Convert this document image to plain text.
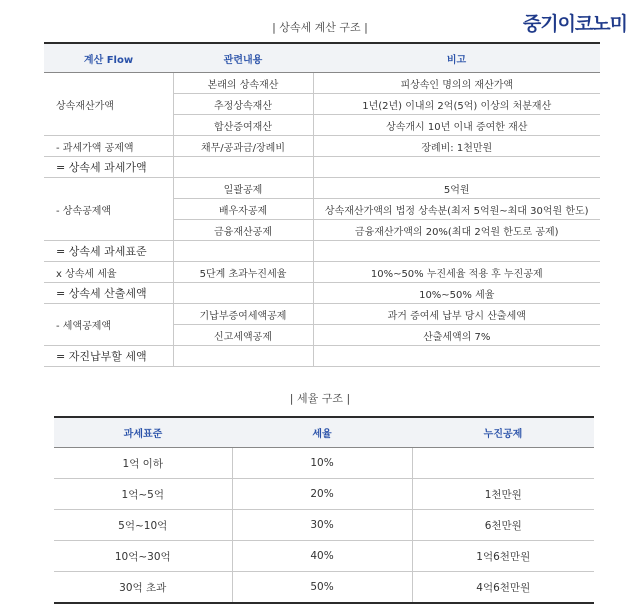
중기이코노미
| 상속세 계산 구조 |
계산 Flow	관련내용	비고
상속재산가액	본래의 상속재산	피상속인 명의의 재산가액
	추정상속재산	1년(2년) 이내의 2억(5억) 이상의 처분재산
	합산증여재산	상속개시 10년 이내 증여한 재산
- 과세가액 공제액	채무/공과금/장례비	장례비: 1천만원
= 상속세 과세가액		
- 상속공제액	일괄공제	5억원
	배우자공제	상속재산가액의 법정 상속분(최저 5억원~최대 30억원 한도)
	금융재산공제	금융재산가액의 20%(최대 2억원 한도로 공제)
= 상속세 과세표준		
x 상속세 세율	5단계 초과누진세율	10%~50% 누진세율 적용 후 누진공제
= 상속세 산출세액		10%~50% 세율
- 세액공제액	기납부증여세액공제	과거 증여세 납부 당시 산출세액
	신고세액공제	산출세액의 7%
= 자진납부할 세액		
| 세율 구조 |
과세표준	세율	누진공제
1억 이하	10%	
1억~5억	20%	1천만원
5억~10억	30%	6천만원
10억~30억	40%	1억6천만원
30억 초과	50%	4억6천만원
